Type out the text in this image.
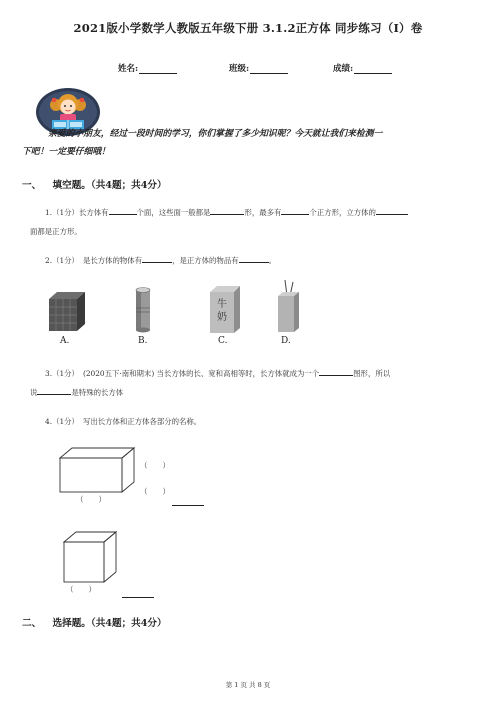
2021版小学数学人教版五年级下册 3.1.2正方体 同步练习（I）卷
姓名:	班级:	成绩:
亲爱的小朋友，经过一段时间的学习，你们掌握了多少知识呢？今天就让我们来检测一
下吧！一定要仔细哦！
一、 填空题。（共4题；共4分）
1.（1分）长方体有	个面，这些面一般都是	形，最多有	个正方形，立方体的
面都是正方形。
2.（1分） 是长方体的物体有	，是正方体的物品有	。
A.	B.
牛
奶
C.	D.
3.（1分） (2020五下·南和期末) 当长方体的长、宽和高相等时，长方体就成为一个	图形，所以
说	是特殊的长方体
4.（1分） 写出长方体和正方体各部分的名称。
（　　）
（　　）
（　　）
（　　）
二、 选择题。（共4题；共4分）
第 1 页 共 8 页
